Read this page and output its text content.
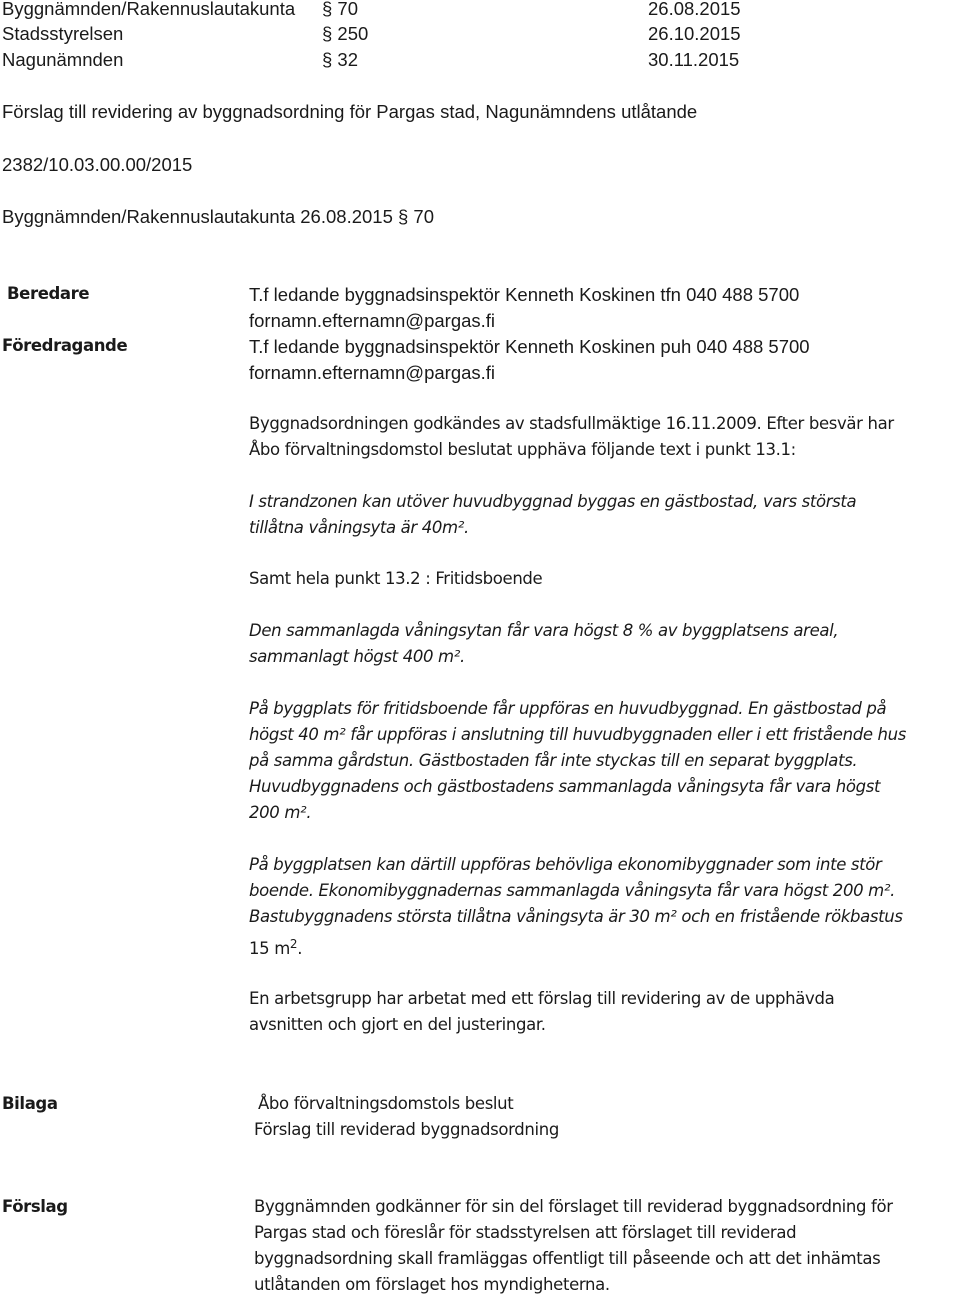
Byggnämnden/Rakennuslautakunta § 70	26.08.2015
Stadsstyrelsen	§ 250	26.10.2015
Nagunämnden	§ 32	30.11.2015
Förslag till revidering av byggnadsordning för Pargas stad, Nagunämndens utlåtande
2382/10.03.00.00/2015
Byggnämnden/Rakennuslautakunta 26.08.2015 § 70
Beredare	T.f ledande byggnadsinspektör Kenneth Koskinen tfn 040 488 5700
fornamn.efternamn@pargas.fi
Föredragande	T.f ledande byggnadsinspektör Kenneth Koskinen puh 040 488 5700
fornamn.efternamn@pargas.fi
Byggnadsordningen godkändes av stadsfullmäktige 16.11.2009. Efter besvär har
Åbo förvaltningsdomstol beslutat upphäva följande text i punkt 13.1:
I strandzonen kan utöver huvudbyggnad byggas en gästbostad, vars största
tillåtna våningsyta är 40m².
Samt hela punkt 13.2 : Fritidsboende
Den sammanlagda våningsytan får vara högst 8 % av byggplatsens areal,
sammanlagt högst 400 m².
På byggplats för fritidsboende får uppföras en huvudbyggnad. En gästbostad på
högst 40 m² får uppföras i anslutning till huvudbyggnaden eller i ett fristående hus
på samma gårdstun. Gästbostaden får inte styckas till en separat byggplats.
Huvudbyggnadens och gästbostadens sammanlagda våningsyta får vara högst
200 m².
På byggplatsen kan därtill uppföras behövliga ekonomibyggnader som inte stör
boende. Ekonomibyggnadernas sammanlagda våningsyta får vara högst 200 m².
Bastubyggnadens största tillåtna våningsyta är 30 m² och en fristående rökbastus
15 $m^2$.
En arbetsgrupp har arbetat med ett förslag till revidering av de upphävda
avsnitten och gjort en del justeringar.
Bilaga	Åbo förvaltningsdomstols beslut
Förslag till reviderad byggnadsordning
Förslag	Byggnämnden godkänner för sin del förslaget till reviderad byggnadsordning för
Pargas stad och föreslår för stadsstyrelsen att förslaget till reviderad
byggnadsordning skall framläggas offentligt till påseende och att det inhämtas
utlåtanden om förslaget hos myndigheterna.
